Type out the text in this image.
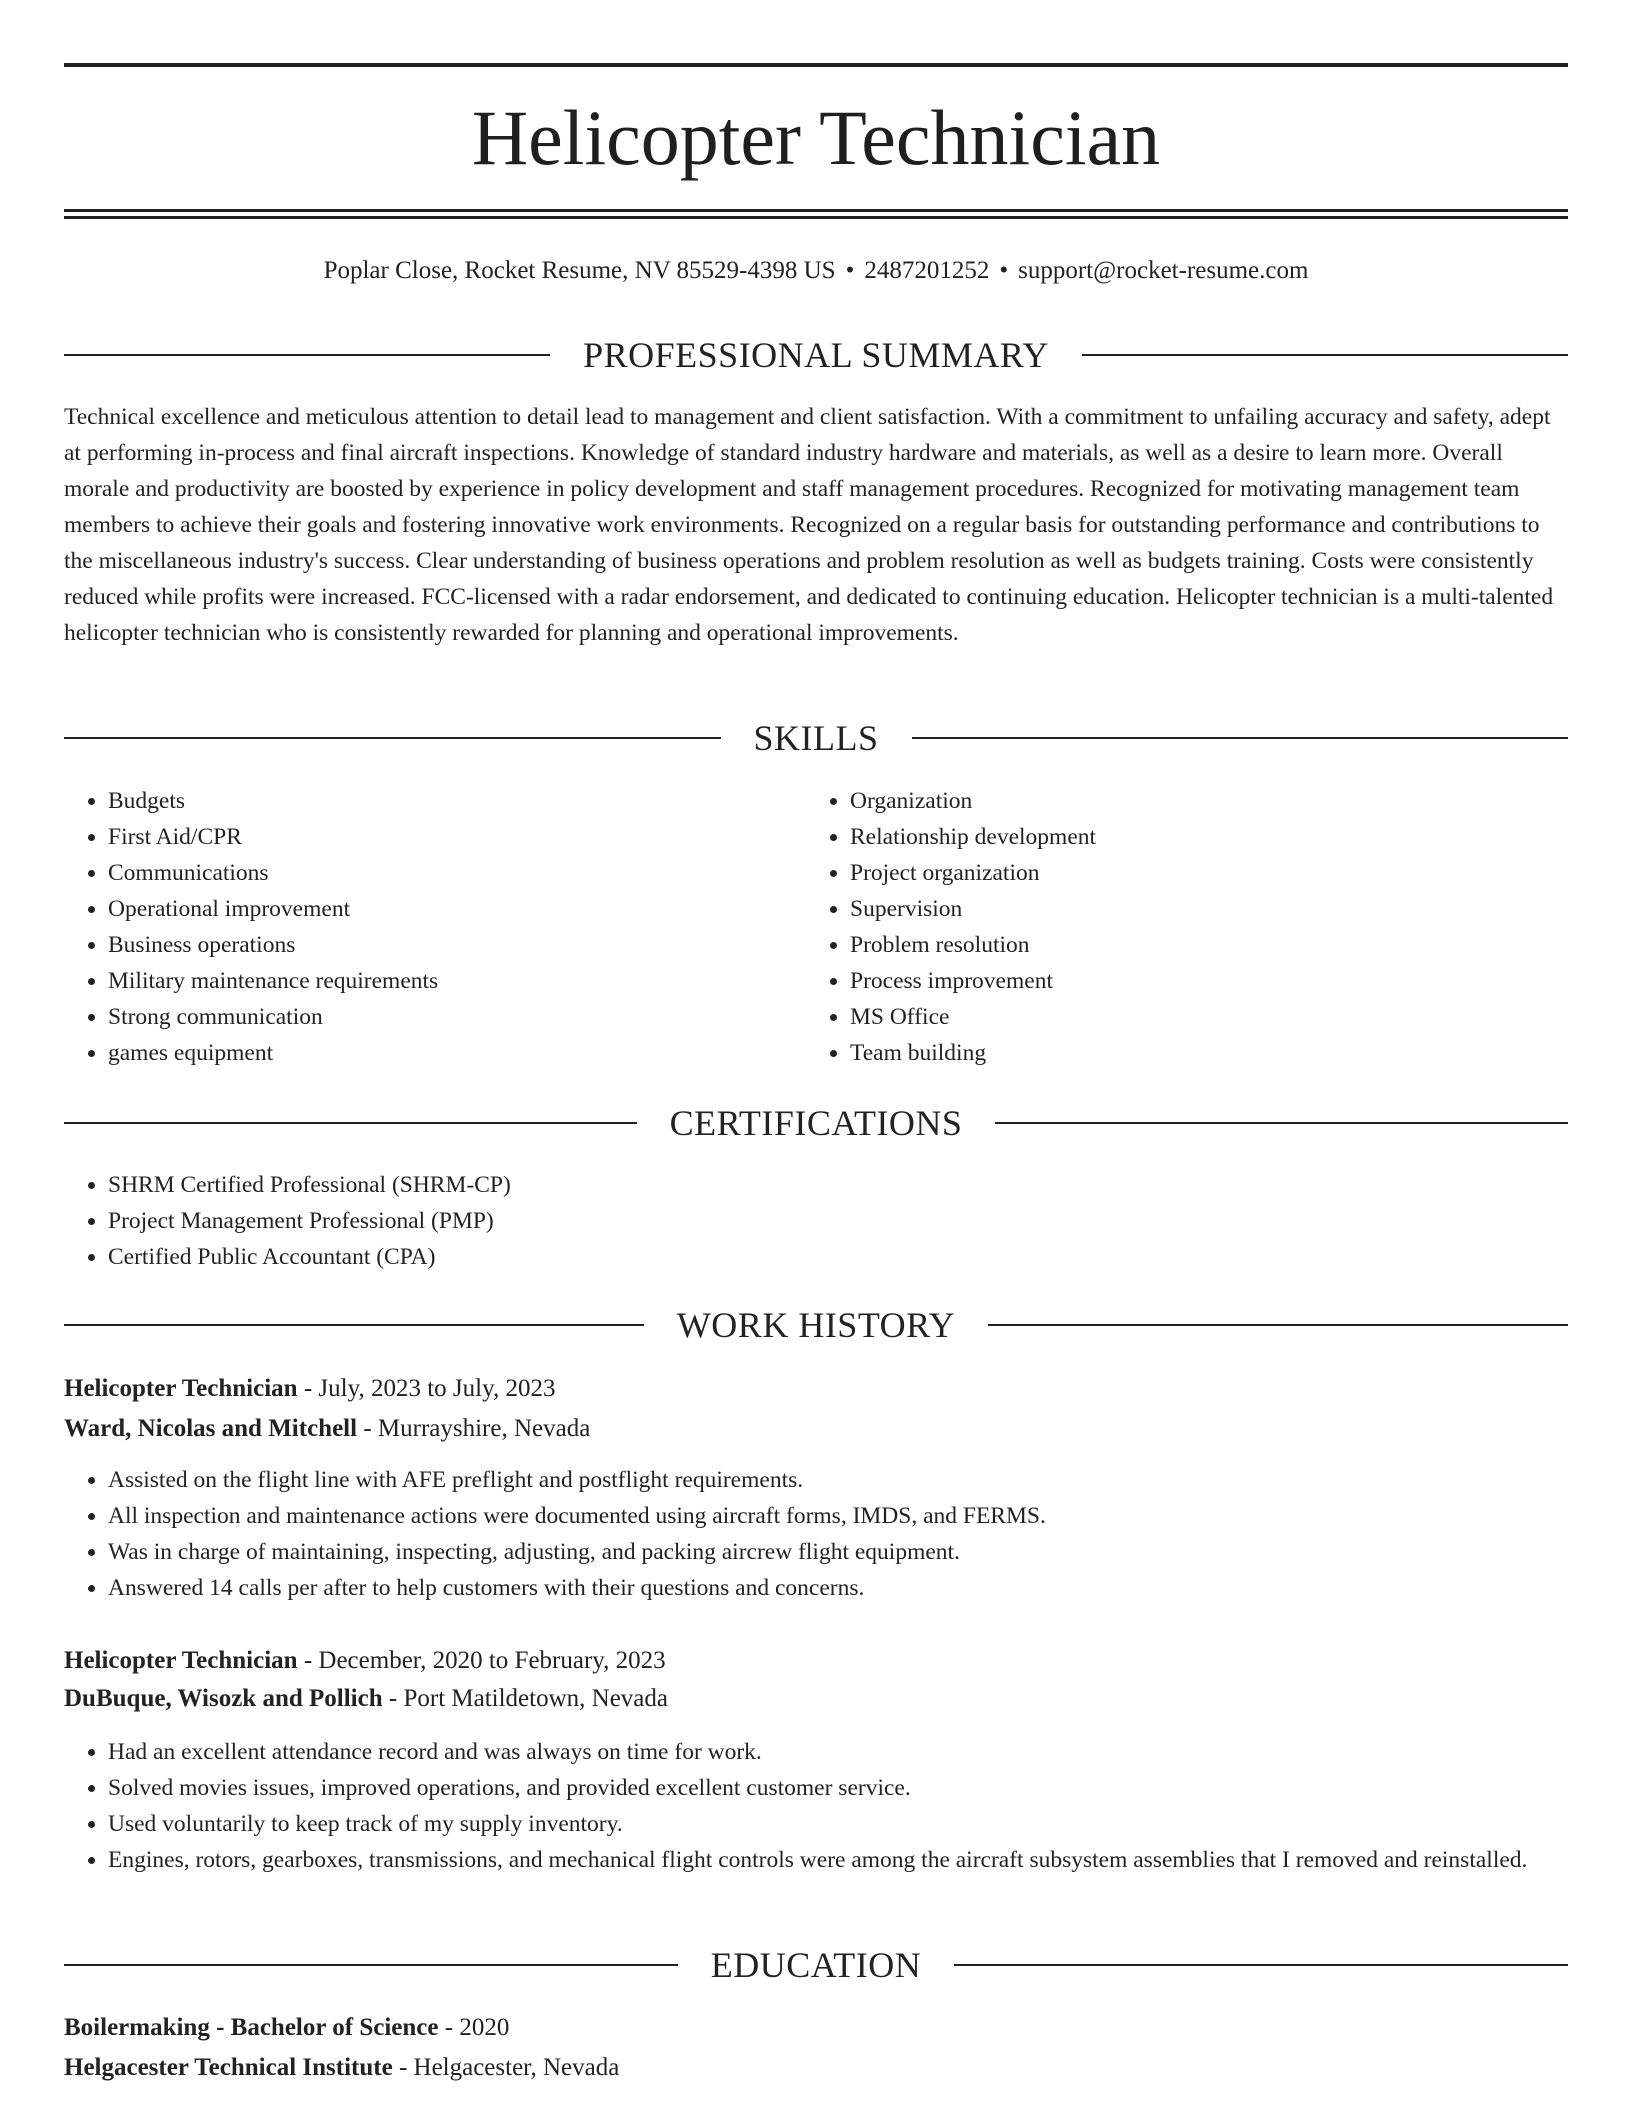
Helicopter Technician
Poplar Close, Rocket Resume, NV 85529-4398 US • 2487201252 • support@rocket-resume.com
PROFESSIONAL SUMMARY
Technical excellence and meticulous attention to detail lead to management and client satisfaction. With a commitment to unfailing accuracy and safety, adept at performing in-process and final aircraft inspections. Knowledge of standard industry hardware and materials, as well as a desire to learn more. Overall morale and productivity are boosted by experience in policy development and staff management procedures. Recognized for motivating management team members to achieve their goals and fostering innovative work environments. Recognized on a regular basis for outstanding performance and contributions to the miscellaneous industry's success. Clear understanding of business operations and problem resolution as well as budgets training. Costs were consistently reduced while profits were increased. FCC-licensed with a radar endorsement, and dedicated to continuing education. Helicopter technician is a multi-talented helicopter technician who is consistently rewarded for planning and operational improvements.
SKILLS
• Budgets
• First Aid/CPR
• Communications
• Operational improvement
• Business operations
• Military maintenance requirements
• Strong communication
• games equipment
• Organization
• Relationship development
• Project organization
• Supervision
• Problem resolution
• Process improvement
• MS Office
• Team building
CERTIFICATIONS
• SHRM Certified Professional (SHRM-CP)
• Project Management Professional (PMP)
• Certified Public Accountant (CPA)
WORK HISTORY
Helicopter Technician - July, 2023 to July, 2023
Ward, Nicolas and Mitchell - Murrayshire, Nevada
• Assisted on the flight line with AFE preflight and postflight requirements.
• All inspection and maintenance actions were documented using aircraft forms, IMDS, and FERMS.
• Was in charge of maintaining, inspecting, adjusting, and packing aircrew flight equipment.
• Answered 14 calls per after to help customers with their questions and concerns.
Helicopter Technician - December, 2020 to February, 2023
DuBuque, Wisozk and Pollich - Port Matildetown, Nevada
• Had an excellent attendance record and was always on time for work.
• Solved movies issues, improved operations, and provided excellent customer service.
• Used voluntarily to keep track of my supply inventory.
• Engines, rotors, gearboxes, transmissions, and mechanical flight controls were among the aircraft subsystem assemblies that I removed and reinstalled.
EDUCATION
Boilermaking - Bachelor of Science - 2020
Helgacester Technical Institute - Helgacester, Nevada
